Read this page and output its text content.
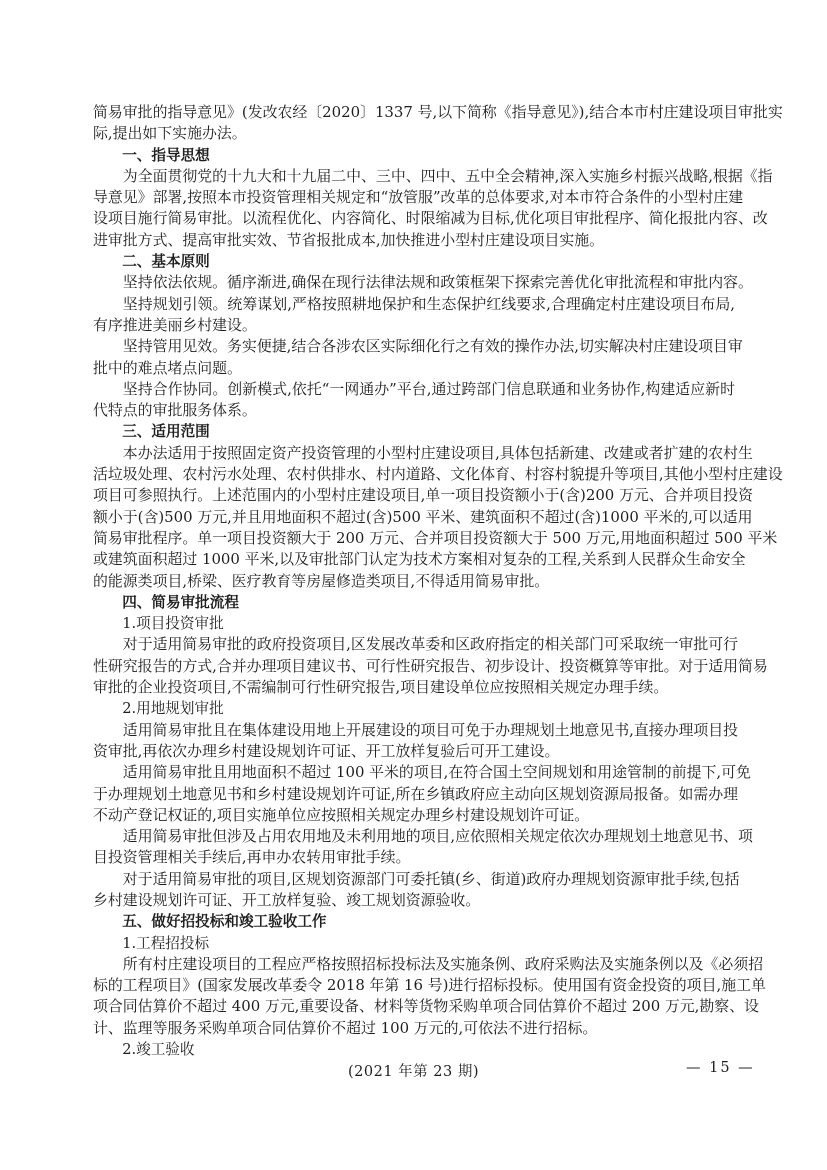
简易审批的指导意见》(发改农经〔2020〕1337 号,以下简称《指导意见》),结合本市村庄建设项目审批实
际,提出如下实施办法。
一、指导思想
为全面贯彻党的十九大和十九届二中、三中、四中、五中全会精神,深入实施乡村振兴战略,根据《指
导意见》部署,按照本市投资管理相关规定和“放管服”改革的总体要求,对本市符合条件的小型村庄建
设项目施行简易审批。以流程优化、内容简化、时限缩减为目标,优化项目审批程序、简化报批内容、改
进审批方式、提高审批实效、节省报批成本,加快推进小型村庄建设项目实施。
二、基本原则
坚持依法依规。循序渐进,确保在现行法律法规和政策框架下探索完善优化审批流程和审批内容。
坚持规划引领。统筹谋划,严格按照耕地保护和生态保护红线要求,合理确定村庄建设项目布局,
有序推进美丽乡村建设。
坚持管用见效。务实便捷,结合各涉农区实际细化行之有效的操作办法,切实解决村庄建设项目审
批中的难点堵点问题。
坚持合作协同。创新模式,依托“一网通办”平台,通过跨部门信息联通和业务协作,构建适应新时
代特点的审批服务体系。
三、适用范围
本办法适用于按照固定资产投资管理的小型村庄建设项目,具体包括新建、改建或者扩建的农村生
活垃圾处理、农村污水处理、农村供排水、村内道路、文化体育、村容村貌提升等项目,其他小型村庄建设
项目可参照执行。上述范围内的小型村庄建设项目,单一项目投资额小于(含)200 万元、合并项目投资
额小于(含)500 万元,并且用地面积不超过(含)500 平米、建筑面积不超过(含)1000 平米的,可以适用
简易审批程序。单一项目投资额大于 200 万元、合并项目投资额大于 500 万元,用地面积超过 500 平米
或建筑面积超过 1000 平米,以及审批部门认定为技术方案相对复杂的工程,关系到人民群众生命安全
的能源类项目,桥梁、医疗教育等房屋修造类项目,不得适用简易审批。
四、简易审批流程
1.项目投资审批
对于适用简易审批的政府投资项目,区发展改革委和区政府指定的相关部门可采取统一审批可行
性研究报告的方式,合并办理项目建议书、可行性研究报告、初步设计、投资概算等审批。对于适用简易
审批的企业投资项目,不需编制可行性研究报告,项目建设单位应按照相关规定办理手续。
2.用地规划审批
适用简易审批且在集体建设用地上开展建设的项目可免于办理规划土地意见书,直接办理项目投
资审批,再依次办理乡村建设规划许可证、开工放样复验后可开工建设。
适用简易审批且用地面积不超过 100 平米的项目,在符合国土空间规划和用途管制的前提下,可免
于办理规划土地意见书和乡村建设规划许可证,所在乡镇政府应主动向区规划资源局报备。如需办理
不动产登记权证的,项目实施单位应按照相关规定办理乡村建设规划许可证。
适用简易审批但涉及占用农用地及未利用地的项目,应依照相关规定依次办理规划土地意见书、项
目投资管理相关手续后,再申办农转用审批手续。
对于适用简易审批的项目,区规划资源部门可委托镇(乡、街道)政府办理规划资源审批手续,包括
乡村建设规划许可证、开工放样复验、竣工规划资源验收。
五、做好招投标和竣工验收工作
1.工程招投标
所有村庄建设项目的工程应严格按照招标投标法及实施条例、政府采购法及实施条例以及《必须招
标的工程项目》(国家发展改革委令 2018 年第 16 号)进行招标投标。使用国有资金投资的项目,施工单
项合同估算价不超过 400 万元,重要设备、材料等货物采购单项合同估算价不超过 200 万元,勘察、设
计、监理等服务采购单项合同估算价不超过 100 万元的,可依法不进行招标。
2.竣工验收
(2021 年第 23 期)	— 15 —
